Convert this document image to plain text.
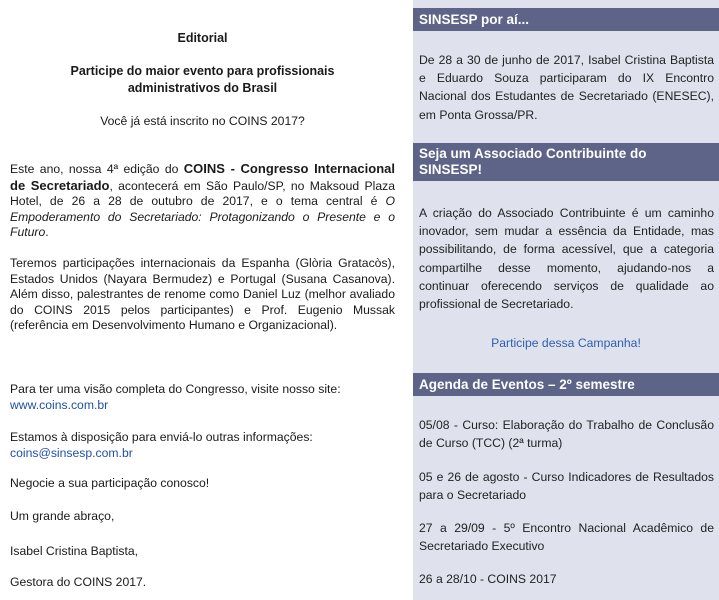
Editorial
Participe do maior evento para profissionais administrativos do Brasil
Você já está inscrito no COINS 2017?
Este ano, nossa 4ª edição do COINS - Congresso Internacional de Secretariado, acontecerá em São Paulo/SP, no Maksoud Plaza Hotel, de 26 a 28 de outubro de 2017, e o tema central é O Empoderamento do Secretariado: Protagonizando o Presente e o Futuro.
Teremos participações internacionais da Espanha (Glòria Gratacòs), Estados Unidos (Nayara Bermudez) e Portugal (Susana Casanova). Além disso, palestrantes de renome como Daniel Luz (melhor avaliado do COINS 2015 pelos participantes) e Prof. Eugenio Mussak (referência em Desenvolvimento Humano e Organizacional).
Para ter uma visão completa do Congresso, visite nosso site:
www.coins.com.br
Estamos à disposição para enviá-lo outras informações:
coins@sinsesp.com.br
Negocie a sua participação conosco!
Um grande abraço,
Isabel Cristina Baptista,
Gestora do COINS 2017.
SINSESP por aí...
De 28 a 30 de junho de 2017, Isabel Cristina Baptista e Eduardo Souza participaram do IX Encontro Nacional dos Estudantes de Secretariado (ENESEC), em Ponta Grossa/PR.
Seja um Associado Contribuinte do SINSESP!
A criação do Associado Contribuinte é um caminho inovador, sem mudar a essência da Entidade, mas possibilitando, de forma acessível, que a categoria compartilhe desse momento, ajudando-nos a continuar oferecendo serviços de qualidade ao profissional de Secretariado.
Participe dessa Campanha!
Agenda de Eventos – 2º semestre
05/08 - Curso: Elaboração do Trabalho de Conclusão de Curso (TCC) (2ª turma)
05 e 26 de agosto - Curso Indicadores de Resultados para o Secretariado
27 a 29/09 - 5º Encontro Nacional Acadêmico de Secretariado Executivo
26 a 28/10 - COINS 2017
